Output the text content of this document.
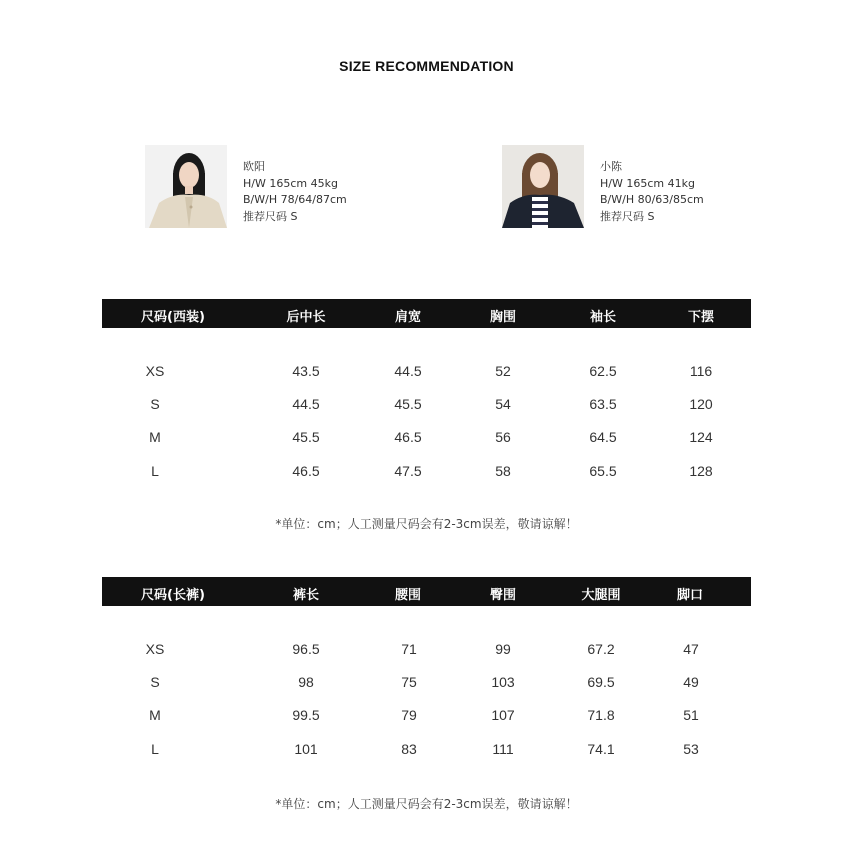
SIZE RECOMMENDATION
欧阳
H/W 165cm 45kg
B/W/H 78/64/87cm
推荐尺码 S
小陈
H/W 165cm 41kg
B/W/H 80/63/85cm
推荐尺码 S
尺码(西装)	后中长	肩宽	胸围	袖长	下摆
XS	43.5	44.5	52	62.5	116
S	44.5	45.5	54	63.5	120
M	45.5	46.5	56	64.5	124
L	46.5	47.5	58	65.5	128
*单位：cm；人工测量尺码会有2-3cm误差，敬请谅解！
尺码(长裤)	裤长	腰围	臀围	大腿围	脚口
XS	96.5	71	99	67.2	47
S	98	75	103	69.5	49
M	99.5	79	107	71.8	51
L	101	83	111	74.1	53
*单位：cm；人工测量尺码会有2-3cm误差，敬请谅解！
